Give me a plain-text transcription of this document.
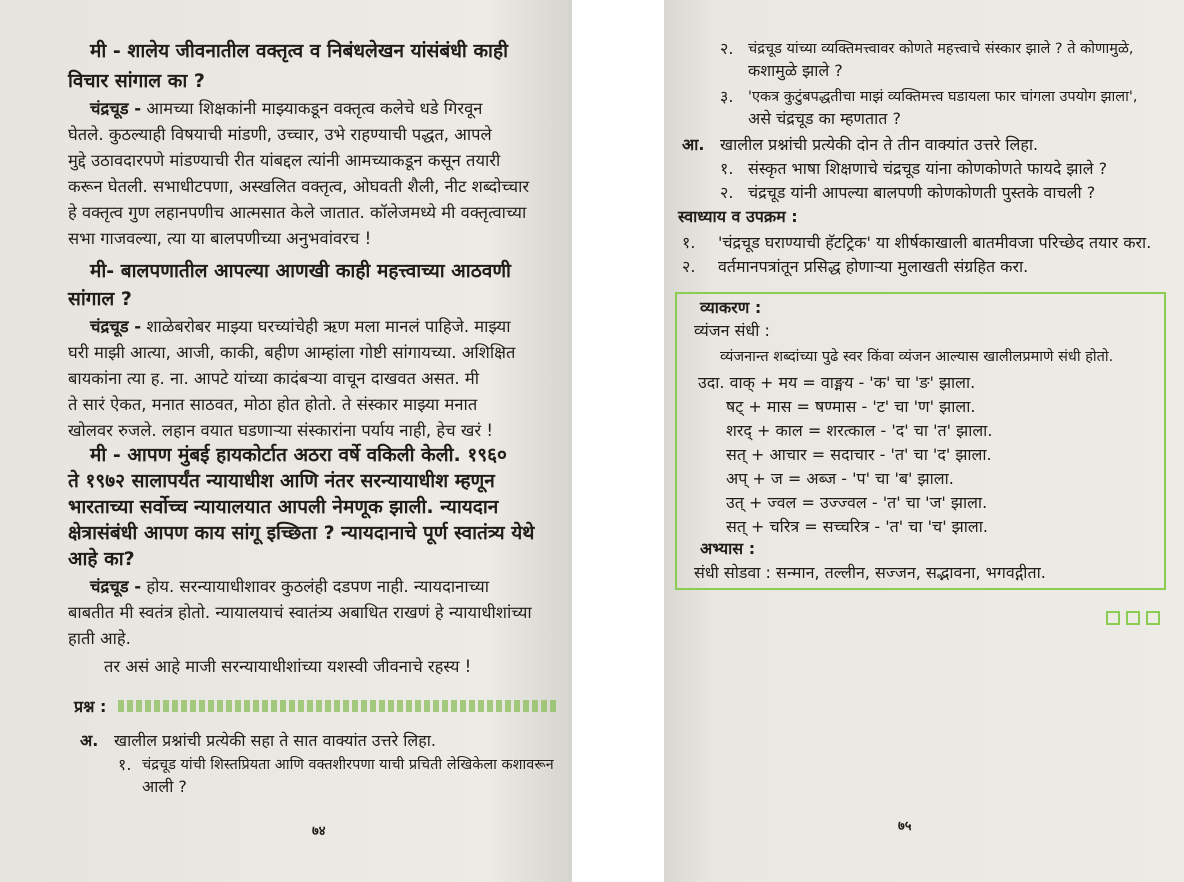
मी - शालेय जीवनातील वक्तृत्व व निबंधलेखन यांसंबंधी काही
विचार सांगाल का ?
चंद्रचूड - आमच्या शिक्षकांनी माझ्याकडून वक्तृत्व कलेचे धडे गिरवून
घेतले. कुठल्याही विषयाची मांडणी, उच्चार, उभे राहण्याची पद्धत, आपले
मुद्दे उठावदारपणे मांडण्याची रीत यांबद्दल त्यांनी आमच्याकडून कसून तयारी
करून घेतली. सभाधीटपणा, अस्खलित वक्तृत्व, ओघवती शैली, नीट शब्दोच्चार
हे वक्तृत्व गुण लहानपणीच आत्मसात केले जातात. कॉलेजमध्ये मी वक्तृत्वाच्या
सभा गाजवल्या, त्या या बालपणीच्या अनुभवांवरच !
मी- बालपणातील आपल्या आणखी काही महत्त्वाच्या आठवणी
सांगाल ?
चंद्रचूड - शाळेबरोबर माझ्या घरच्यांचेही ऋण मला मानलं पाहिजे. माझ्या
घरी माझी आत्या, आजी, काकी, बहीण आम्हांला गोष्टी सांगायच्या. अशिक्षित
बायकांना त्या ह. ना. आपटे यांच्या कादंबऱ्या वाचून दाखवत असत. मी
ते सारं ऐकत, मनात साठवत, मोठा होत होतो. ते संस्कार माझ्या मनात
खोलवर रुजले. लहान वयात घडणाऱ्या संस्कारांना पर्याय नाही, हेच खरं !
मी - आपण मुंबई हायकोर्टात अठरा वर्षे वकिली केली. १९६०
ते १९७२ सालापर्यंत न्यायाधीश आणि नंतर सरन्यायाधीश म्हणून
भारताच्या सर्वोच्च न्यायालयात आपली नेमणूक झाली. न्यायदान
क्षेत्रासंबंधी आपण काय सांगू इच्छिता ? न्यायदानाचे पूर्ण स्वातंत्र्य येथे
आहे का?
चंद्रचूड - होय. सरन्यायाधीशावर कुठलंही दडपण नाही. न्यायदानाच्या
बाबतीत मी स्वतंत्र होतो. न्यायालयाचं स्वातंत्र्य अबाधित राखणं हे न्यायाधीशांच्या
हाती आहे.
तर असं आहे माजी सरन्यायाधीशांच्या यशस्वी जीवनाचे रहस्य !
प्रश्न :
अ. खालील प्रश्नांची प्रत्येकी सहा ते सात वाक्यांत उत्तरे लिहा.
१. चंद्रचूड यांची शिस्तप्रियता आणि वक्तशीरपणा याची प्रचिती लेखिकेला कशावरून
आली ?
७४
२. चंद्रचूड यांच्या व्यक्तिमत्त्वावर कोणते महत्त्वाचे संस्कार झाले ? ते कोणामुळे,
कशामुळे झाले ?
३. 'एकत्र कुटुंबपद्धतीचा माझं व्यक्तिमत्त्व घडायला फार चांगला उपयोग झाला',
असे चंद्रचूड का म्हणतात ?
आ. खालील प्रश्नांची प्रत्येकी दोन ते तीन वाक्यांत उत्तरे लिहा.
१. संस्कृत भाषा शिक्षणाचे चंद्रचूड यांना कोणकोणते फायदे झाले ?
२. चंद्रचूड यांनी आपल्या बालपणी कोणकोणती पुस्तके वाचली ?
स्वाध्याय व उपक्रम :
१. 'चंद्रचूड घराण्याची हॅटट्रिक' या शीर्षकाखाली बातमीवजा परिच्छेद तयार करा.
२. वर्तमानपत्रांतून प्रसिद्ध होणाऱ्या मुलाखती संग्रहित करा.
व्याकरण :
व्यंजन संधी :
व्यंजनान्त शब्दांच्या पुढे स्वर किंवा व्यंजन आल्यास खालीलप्रमाणे संधी होतो.
उदा. वाक् + मय = वाङ्मय - 'क' चा 'ङ' झाला.
षट् + मास = षण्मास - 'ट' चा 'ण' झाला.
शरद् + काल = शरत्काल - 'द' चा 'त' झाला.
सत् + आचार = सदाचार - 'त' चा 'द' झाला.
अप् + ज = अब्ज - 'प' चा 'ब' झाला.
उत् + ज्वल = उज्ज्वल - 'त' चा 'ज' झाला.
सत् + चरित्र = सच्चरित्र - 'त' चा 'च' झाला.
अभ्यास :
संधी सोडवा : सन्मान, तल्लीन, सज्जन, सद्भावना, भगवद्गीता.
७५
